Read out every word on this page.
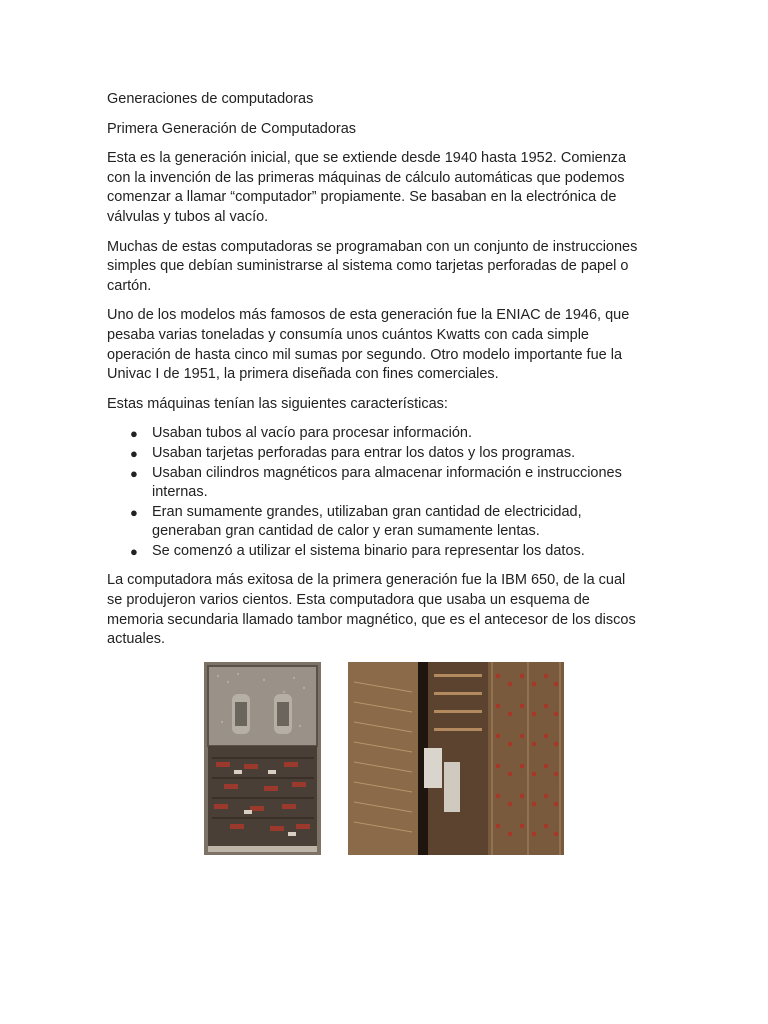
Generaciones de computadoras
Primera Generación de Computadoras
Esta es la generación inicial, que se extiende desde 1940 hasta 1952. Comienza
con la invención de las primeras máquinas de cálculo automáticas que podemos
comenzar a llamar “computador” propiamente. Se basaban en la electrónica de
válvulas y tubos al vacío.
Muchas de estas computadoras se programaban con un conjunto de instrucciones
simples que debían suministrarse al sistema como tarjetas perforadas de papel o
cartón.
Uno de los modelos más famosos de esta generación fue la ENIAC de 1946, que
pesaba varias toneladas y consumía unos cuántos Kwatts con cada simple
operación de hasta cinco mil sumas por segundo. Otro modelo importante fue la
Univac I de 1951, la primera diseñada con fines comerciales.
Estas máquinas tenían las siguientes características:
● Usaban tubos al vacío para procesar información.
● Usaban tarjetas perforadas para entrar los datos y los programas.
● Usaban cilindros magnéticos para almacenar información e instrucciones
internas.
● Eran sumamente grandes, utilizaban gran cantidad de electricidad,
generaban gran cantidad de calor y eran sumamente lentas.
● Se comenzó a utilizar el sistema binario para representar los datos.
La computadora más exitosa de la primera generación fue la IBM 650, de la cual
se produjeron varios cientos. Esta computadora que usaba un esquema de
memoria secundaria llamado tambor magnético, que es el antecesor de los discos
actuales.
